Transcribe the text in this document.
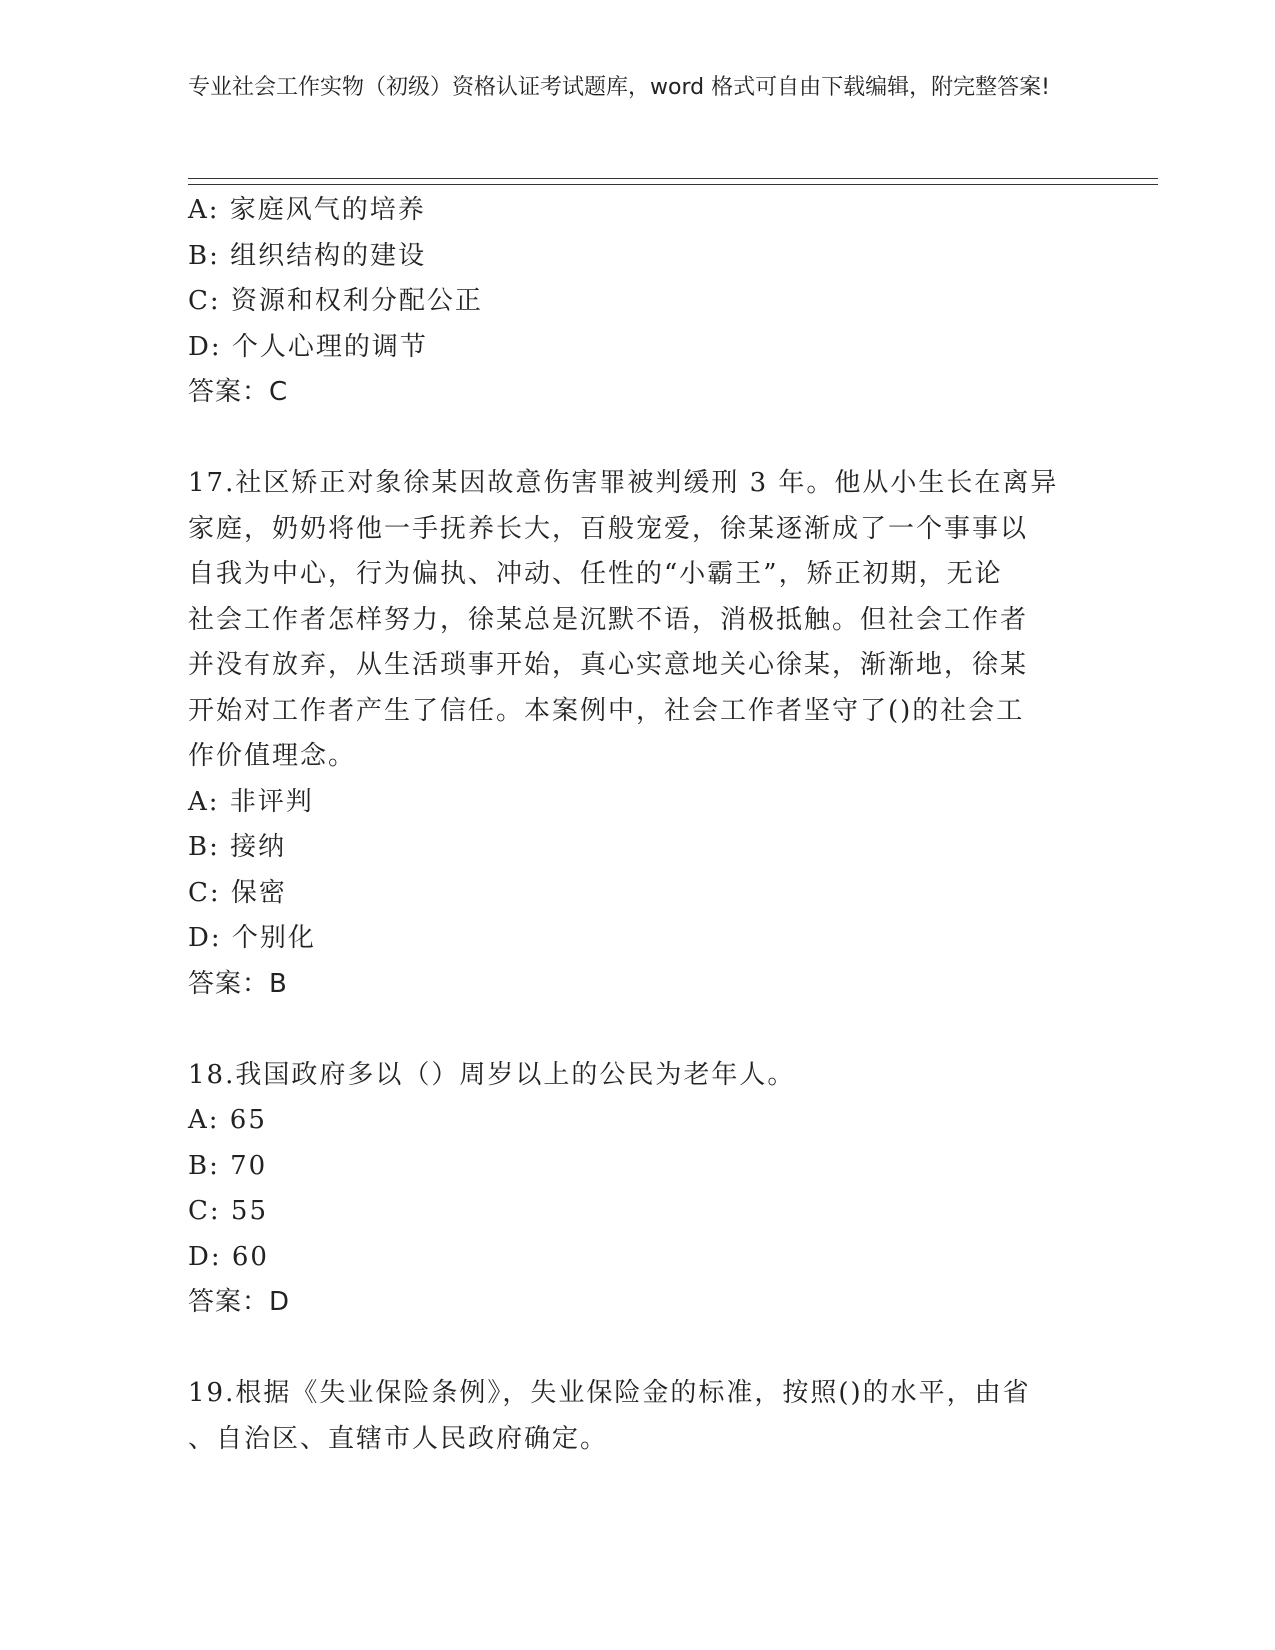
专业社会工作实物（初级）资格认证考试题库，word 格式可自由下载编辑，附完整答案!
A: 家庭风气的培养
B: 组织结构的建设
C: 资源和权利分配公正
D: 个人心理的调节
答案：C
17.社区矫正对象徐某因故意伤害罪被判缓刑 3 年。他从小生长在离异
家庭，奶奶将他一手抚养长大，百般宠爱，徐某逐渐成了一个事事以
自我为中心，行为偏执、冲动、任性的“小霸王”，矫正初期，无论
社会工作者怎样努力，徐某总是沉默不语，消极抵触。但社会工作者
并没有放弃，从生活琐事开始，真心实意地关心徐某，渐渐地，徐某
开始对工作者产生了信任。本案例中，社会工作者坚守了()的社会工
作价值理念。
A: 非评判
B: 接纳
C: 保密
D: 个别化
答案：B
18.我国政府多以（）周岁以上的公民为老年人。
A: 65
B: 70
C: 55
D: 60
答案：D
19.根据《失业保险条例》，失业保险金的标准，按照()的水平，由省
、自治区、直辖市人民政府确定。
